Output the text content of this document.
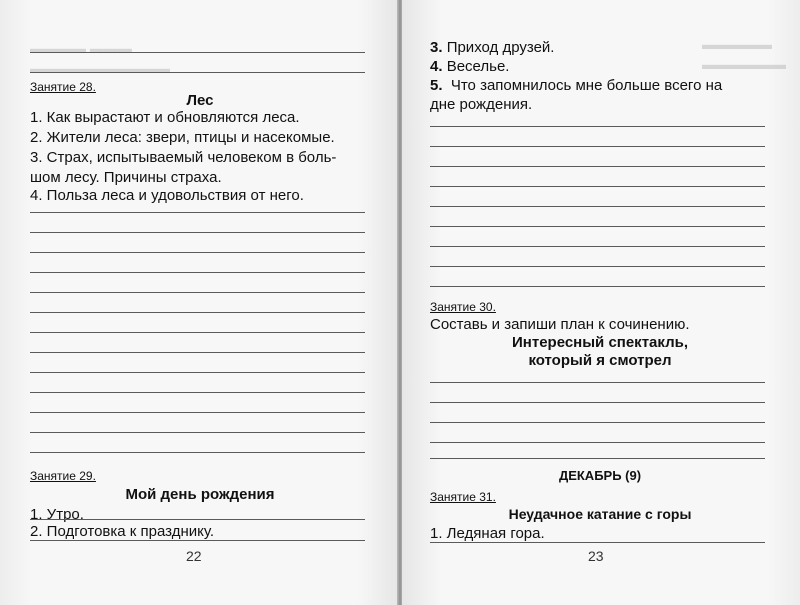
▬▬▬▬ ▬▬▬
▬▬▬▬▬▬▬▬▬▬
Занятие 28.
Лес
1. Как вырастают и обновляются леса.
2. Жители леса: звери, птицы и насекомые.
3. Страх, испытываемый человеком в боль-
шом лесу. Причины страха.
4. Польза леса и удовольствия от него.
Занятие 29.
Мой день рождения
1. Утро.
2. Подготовка к празднику.
22
▬▬▬▬▬
▬▬▬▬▬▬
3. Приход друзей.
4. Веселье.
5. Что запомнилось мне больше всего на
дне рождения.
Занятие 30.
Составь и запиши план к сочинению.
Интересный спектакль,
который я смотрел
ДЕКАБРЬ (9)
Занятие 31.
Неудачное катание с горы
1. Ледяная гора.
23
